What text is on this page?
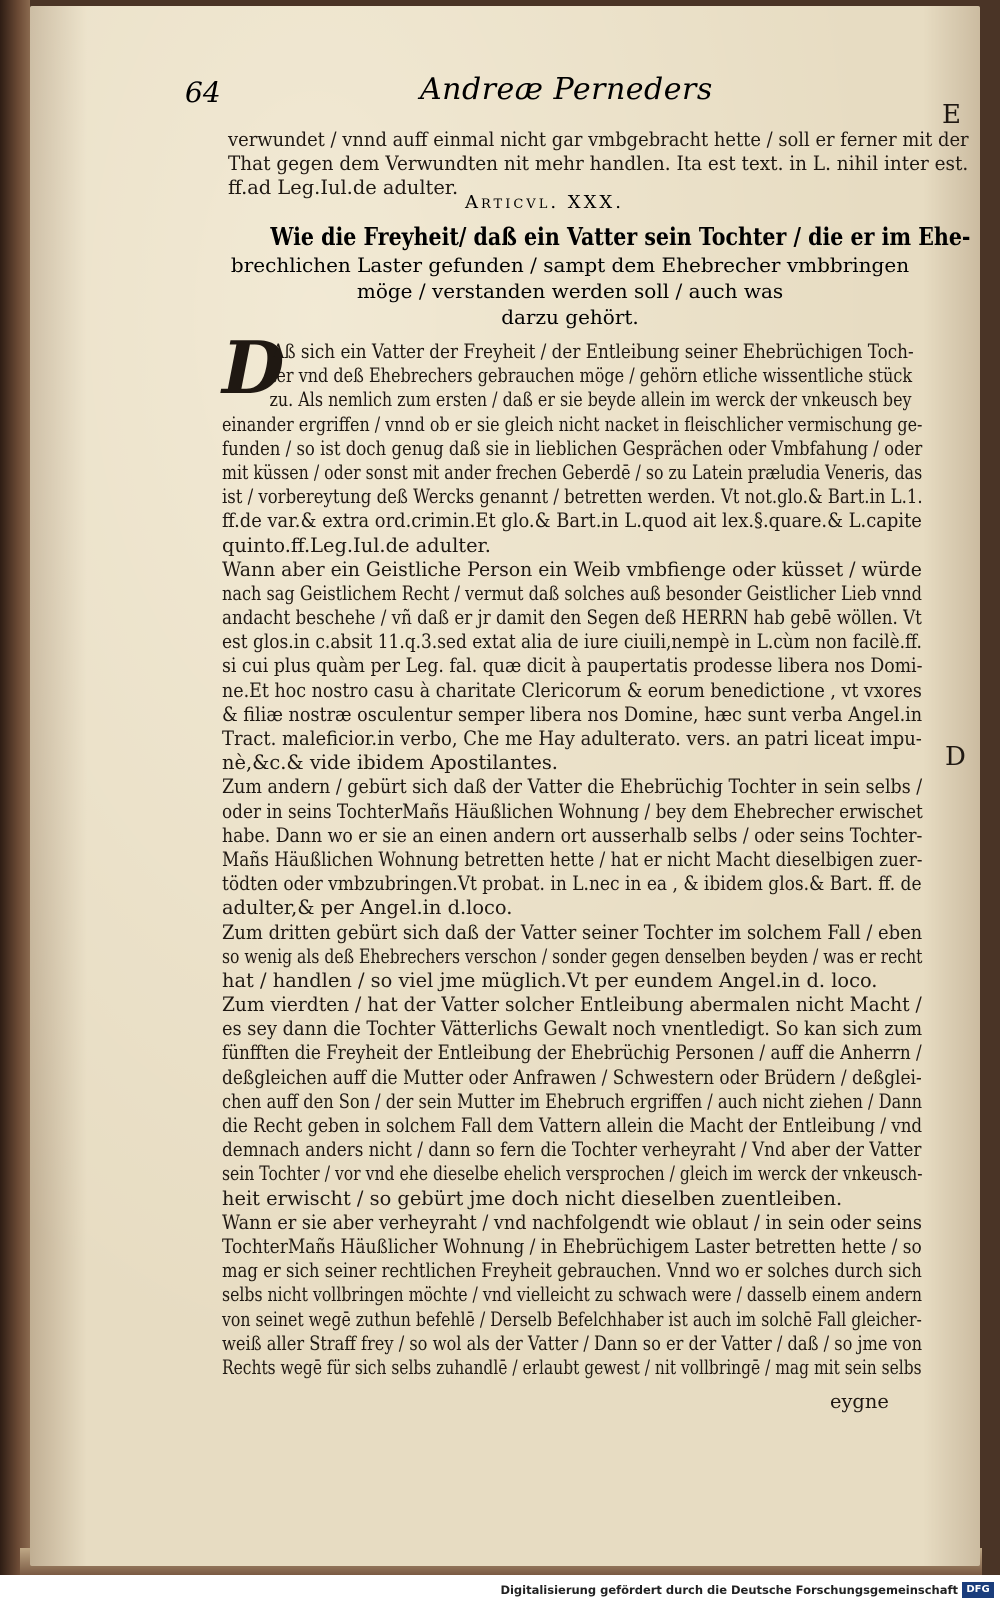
64	Andreæ Perneders
E
D
verwundet / vnnd auff einmal nicht gar vmbgebracht hette / soll er ferner mit der
That gegen dem Verwundten nit mehr handlen. Ita est text. in L. nihil inter est.
ff.ad Leg.Iul.de adulter.
Articvl. XXX.
Wie die Freyheit/ daß ein Vatter sein Tochter / die er im Ehe-
brechlichen Laster gefunden / sampt dem Ehebrecher vmbbringen
möge / verstanden werden soll / auch was
darzu gehört.
D
Aß sich ein Vatter der Freyheit / der Entleibung seiner Ehebrüchigen Toch-
ter vnd deß Ehebrechers gebrauchen möge / gehörn etliche wissentliche stück
zu. Als nemlich zum ersten / daß er sie beyde allein im werck der vnkeusch bey
einander ergriffen / vnnd ob er sie gleich nicht nacket in fleischlicher vermischung ge-
funden / so ist doch genug daß sie in lieblichen Gesprächen oder Vmbfahung / oder
mit küssen / oder sonst mit ander frechen Geberdē / so zu Latein præludia Veneris, das
ist / vorbereytung deß Wercks genannt / betretten werden. Vt not.glo.& Bart.in L.1.
ff.de var.& extra ord.crimin.Et glo.& Bart.in L.quod ait lex.§.quare.& L.capite
quinto.ff.Leg.Iul.de adulter.
Wann aber ein Geistliche Person ein Weib vmbfienge oder küsset / würde
nach sag Geistlichem Recht / vermut daß solches auß besonder Geistlicher Lieb vnnd
andacht beschehe / vñ daß er jr damit den Segen deß HERRN hab gebē wöllen. Vt
est glos.in c.absit 11.q.3.sed extat alia de iure ciuili,nempè in L.cùm non facilè.ff.
si cui plus quàm per Leg. fal. quæ dicit à paupertatis prodesse libera nos Domi-
ne.Et hoc nostro casu à charitate Clericorum & eorum benedictione , vt vxores
& filiæ nostræ osculentur semper libera nos Domine, hæc sunt verba Angel.in
Tract. maleficior.in verbo, Che me Hay adulterato. vers. an patri liceat impu-
nè,&c.& vide ibidem Apostilantes.
Zum andern / gebürt sich daß der Vatter die Ehebrüchig Tochter in sein selbs /
oder in seins TochterMañs Häußlichen Wohnung / bey dem Ehebrecher erwischet
habe. Dann wo er sie an einen andern ort ausserhalb selbs / oder seins Tochter-
Mañs Häußlichen Wohnung betretten hette / hat er nicht Macht dieselbigen zuer-
tödten oder vmbzubringen.Vt probat. in L.nec in ea , & ibidem glos.& Bart. ff. de
adulter,& per Angel.in d.loco.
Zum dritten gebürt sich daß der Vatter seiner Tochter im solchem Fall / eben
so wenig als deß Ehebrechers verschon / sonder gegen denselben beyden / was er recht
hat / handlen / so viel jme müglich.Vt per eundem Angel.in d. loco.
Zum vierdten / hat der Vatter solcher Entleibung abermalen nicht Macht /
es sey dann die Tochter Vätterlichs Gewalt noch vnentledigt. So kan sich zum
fünfften die Freyheit der Entleibung der Ehebrüchig Personen / auff die Anherrn /
deßgleichen auff die Mutter oder Anfrawen / Schwestern oder Brüdern / deßglei-
chen auff den Son / der sein Mutter im Ehebruch ergriffen / auch nicht ziehen / Dann
die Recht geben in solchem Fall dem Vattern allein die Macht der Entleibung / vnd
demnach anders nicht / dann so fern die Tochter verheyraht / Vnd aber der Vatter
sein Tochter / vor vnd ehe dieselbe ehelich versprochen / gleich im werck der vnkeusch-
heit erwischt / so gebürt jme doch nicht dieselben zuentleiben.
Wann er sie aber verheyraht / vnd nachfolgendt wie oblaut / in sein oder seins
TochterMañs Häußlicher Wohnung / in Ehebrüchigem Laster betretten hette / so
mag er sich seiner rechtlichen Freyheit gebrauchen. Vnnd wo er solches durch sich
selbs nicht vollbringen möchte / vnd vielleicht zu schwach were / dasselb einem andern
von seinet wegē zuthun befehlē / Derselb Befelchhaber ist auch im solchē Fall gleicher-
weiß aller Straff frey / so wol als der Vatter / Dann so er der Vatter / daß / so jme von
Rechts wegē für sich selbs zuhandlē / erlaubt gewest / nit vollbringē / mag mit sein selbs
eygne
Digitalisierung gefördert durch die Deutsche Forschungsgemeinschaft DFG
